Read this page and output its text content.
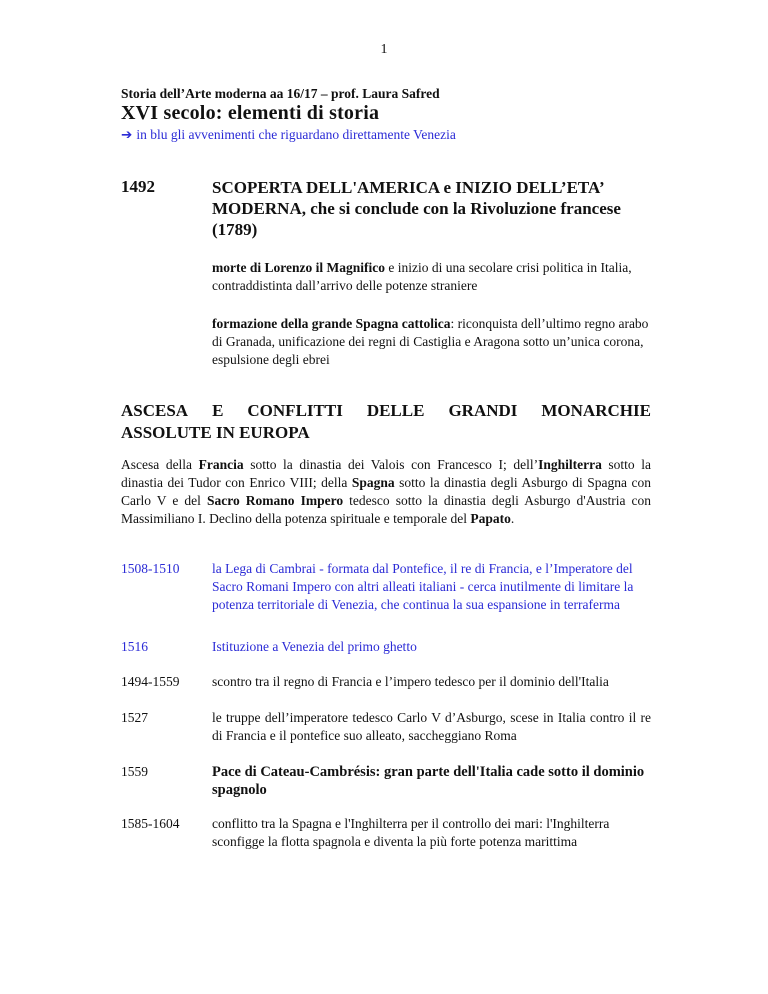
1
Storia dell’Arte moderna aa 16/17 – prof. Laura Safred
XVI secolo: elementi di storia
➔ in blu gli avvenimenti che riguardano direttamente Venezia
1492	SCOPERTA DELL'AMERICA e INIZIO DELL’ETA’ MODERNA, che si conclude con la Rivoluzione francese (1789)
morte di Lorenzo il Magnifico e inizio di una secolare crisi politica in Italia, contraddistinta dall’arrivo delle potenze straniere
formazione della grande Spagna cattolica: riconquista dell’ultimo regno arabo di Granada, unificazione dei regni di Castiglia e Aragona sotto un’unica corona, espulsione degli ebrei
ASCESA E CONFLITTI DELLE GRANDI MONARCHIE
ASSOLUTE IN EUROPA
Ascesa della Francia sotto la dinastia dei Valois con Francesco I; dell’Inghilterra sotto la dinastia dei Tudor con Enrico VIII; della Spagna sotto la dinastia degli Asburgo di Spagna con Carlo V e del Sacro Romano Impero tedesco sotto la dinastia degli Asburgo d'Austria con Massimiliano I. Declino della potenza spirituale e temporale del Papato.
1508-1510 la Lega di Cambrai - formata dal Pontefice, il re di Francia, e l’Imperatore del Sacro Romani Impero con altri alleati italiani - cerca inutilmente di limitare la potenza territoriale di Venezia, che continua la sua espansione in terraferma
1516	Istituzione a Venezia del primo ghetto
1494-1559 scontro tra il regno di Francia e l’impero tedesco per il dominio dell'Italia
1527	le truppe dell’imperatore tedesco Carlo V d’Asburgo, scese in Italia contro il re di Francia e il pontefice suo alleato, saccheggiano Roma
1559	Pace di Cateau-Cambrésis: gran parte dell'Italia cade sotto il dominio spagnolo
1585-1604 conflitto tra la Spagna e l'Inghilterra per il controllo dei mari: l'Inghilterra sconfigge la flotta spagnola e diventa la più forte potenza marittima
